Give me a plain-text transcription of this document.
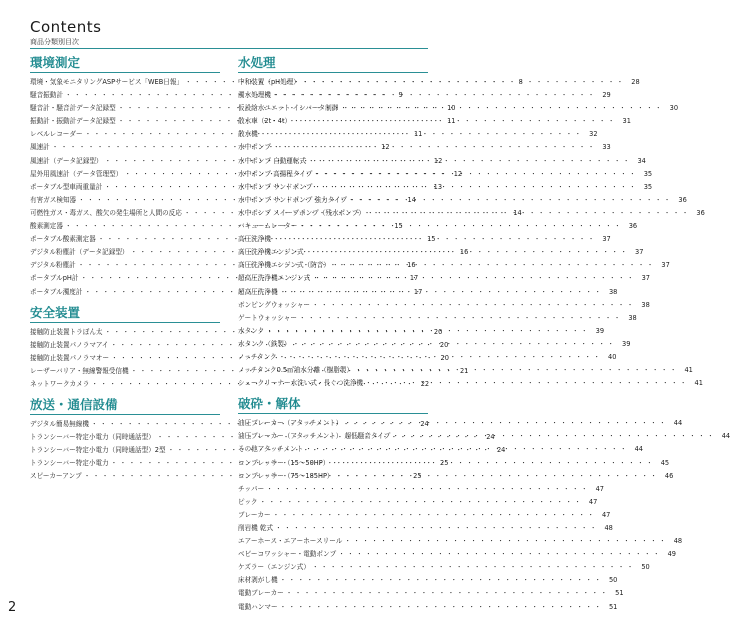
Contents
商品分類別目次
環境測定
環境・気象モニタリングASPサービス「WEB日報」 ・・・・・・・・・・・・・・・・・・・・・・・・・・・・・・・・・・・・	8
騒音振動計 ・・・・・・・・・・・・・・・・・・・・・・・・・・・・・・・・・・・・	9
騒音計・騒音計データ記録型 ・・・・・・・・・・・・・・・・・・・・・・・・・・・・・・・・・・・・	10
振動計・振動計データ記録型 ・・・・・・・・・・・・・・・・・・・・・・・・・・・・・・・・・・・・	11
レベルレコーダー ・・・・・・・・・・・・・・・・・・・・・・・・・・・・・・・・・・・・	11
風速計 ・・・・・・・・・・・・・・・・・・・・・・・・・・・・・・・・・・・・	12
風速計（データ記録型） ・・・・・・・・・・・・・・・・・・・・・・・・・・・・・・・・・・・・	12
屋外用風速計（データ管理型） ・・・・・・・・・・・・・・・・・・・・・・・・・・・・・・・・・・・・	12
ポータブル型車両重量計 ・・・・・・・・・・・・・・・・・・・・・・・・・・・・・・・・・・・・	13
有害ガス検知器 ・・・・・・・・・・・・・・・・・・・・・・・・・・・・・・・・・・・・	14
可燃性ガス・毒ガス、酸欠の発生場所と人間の反応 ・・・・・・・・・・・・・・・・・・・・・・・・・・・・・・・・・・・・	14
酸素測定器 ・・・・・・・・・・・・・・・・・・・・・・・・・・・・・・・・・・・・	15
ポータブル酸素測定器 ・・・・・・・・・・・・・・・・・・・・・・・・・・・・・・・・・・・・	15
デジタル粉塵計（データ記録型） ・・・・・・・・・・・・・・・・・・・・・・・・・・・・・・・・・・・・	16
デジタル粉塵計 ・・・・・・・・・・・・・・・・・・・・・・・・・・・・・・・・・・・・	16
ポータブルpH計 ・・・・・・・・・・・・・・・・・・・・・・・・・・・・・・・・・・・・	17
ポータブル濁度計 ・・・・・・・・・・・・・・・・・・・・・・・・・・・・・・・・・・・・	17
安全装置
接触防止装置トラぼん太 ・・・・・・・・・・・・・・・・・・・・・・・・・・・・・・・・・・・・	20
接触防止装置パノラマアイ ・・・・・・・・・・・・・・・・・・・・・・・・・・・・・・・・・・・・	20
接触防止装置パノラマオー ・・・・・・・・・・・・・・・・・・・・・・・・・・・・・・・・・・・・	20
レーザーバリア・無線警報受信機 ・・・・・・・・・・・・・・・・・・・・・・・・・・・・・・・・・・・・	21
ネットワークカメラ ・・・・・・・・・・・・・・・・・・・・・・・・・・・・・・・・・・・・	22
放送・通信設備
デジタル簡易無線機 ・・・・・・・・・・・・・・・・・・・・・・・・・・・・・・・・・・・・	24
トランシーバー特定小電力（同時通話型） ・・・・・・・・・・・・・・・・・・・・・・・・・・・・・・・・・・・・	24
トランシーバー特定小電力（同時通話型）2型 ・・・・・・・・・・・・・・・・・・・・・・・・・・・・・・・・・・・・	24
トランシーバー特定小電力 ・・・・・・・・・・・・・・・・・・・・・・・・・・・・・・・・・・・・	25
スピーカーアンプ ・・・・・・・・・・・・・・・・・・・・・・・・・・・・・・・・・・・・	25
水処理
中和装置（pH処理） ・・・・・・・・・・・・・・・・・・・・・・・・・・・・・・・・・・・・	28
濁水処理機 ・・・・・・・・・・・・・・・・・・・・・・・・・・・・・・・・・・・・	29
仮設給水ユニット インバータ制御 ・・・・・・・・・・・・・・・・・・・・・・・・・・・・・・・・・・・・	30
散水車（2t・4t） ・・・・・・・・・・・・・・・・・・・・・・・・・・・・・・・・・・・・	31
散水機 ・・・・・・・・・・・・・・・・・・・・・・・・・・・・・・・・・・・・	32
水中ポンプ ・・・・・・・・・・・・・・・・・・・・・・・・・・・・・・・・・・・・	33
水中ポンプ 自動運転式 ・・・・・・・・・・・・・・・・・・・・・・・・・・・・・・・・・・・・	34
水中ポンプ 高揚程タイプ ・・・・・・・・・・・・・・・・・・・・・・・・・・・・・・・・・・・・	35
水中ポンプ サンドポンプ ・・・・・・・・・・・・・・・・・・・・・・・・・・・・・・・・・・・・	35
水中ポンプ サンドポンプ 強力タイプ ・・・・・・・・・・・・・・・・・・・・・・・・・・・・・・・・・・・・	36
水中ポンプ スイーブポンプ（残水ポンプ） ・・・・・・・・・・・・・・・・・・・・・・・・・・・・・・・・・・・・	36
バキュームレーター ・・・・・・・・・・・・・・・・・・・・・・・・・・・・・・・・・・・・	36
高圧洗浄機 ・・・・・・・・・・・・・・・・・・・・・・・・・・・・・・・・・・・・	37
高圧洗浄機エンジン式 ・・・・・・・・・・・・・・・・・・・・・・・・・・・・・・・・・・・・	37
高圧洗浄機エンジン式（防音） ・・・・・・・・・・・・・・・・・・・・・・・・・・・・・・・・・・・・	37
超高圧洗浄機エンジン式 ・・・・・・・・・・・・・・・・・・・・・・・・・・・・・・・・・・・・	37
超高圧洗浄機 ・・・・・・・・・・・・・・・・・・・・・・・・・・・・・・・・・・・・	38
ボンピングウォッシャー ・・・・・・・・・・・・・・・・・・・・・・・・・・・・・・・・・・・・	38
ゲートウォッシャー ・・・・・・・・・・・・・・・・・・・・・・・・・・・・・・・・・・・・	38
水タンク ・・・・・・・・・・・・・・・・・・・・・・・・・・・・・・・・・・・・	39
水タンク（鉄製） ・・・・・・・・・・・・・・・・・・・・・・・・・・・・・・・・・・・・	39
ノッチタンク ・・・・・・・・・・・・・・・・・・・・・・・・・・・・・・・・・・・・	40
ノッチタンク0.5㎥油水分離（樹脂製） ・・・・・・・・・・・・・・・・・・・・・・・・・・・・・・・・・・・・	41
シュークリーナー水洗い式・長ぐつ洗浄機 ・・・・・・・・・・・・・・・・・・・・・・・・・・・・・・・・・・・・	41
破砕・解体
油圧ブレーカー（アタッチメント） ・・・・・・・・・・・・・・・・・・・・・・・・・・・・・・・・・・・・	44
油圧ブレーカー（アタッチメント） 超低騒音タイプ ・・・・・・・・・・・・・・・・・・・・・・・・・・・・・・・・・・・・	44
その他アタッチメント ・・・・・・・・・・・・・・・・・・・・・・・・・・・・・・・・・・・・	44
コンプレッサー（15～50HP） ・・・・・・・・・・・・・・・・・・・・・・・・・・・・・・・・・・・・	45
コンプレッサー（75～185HP） ・・・・・・・・・・・・・・・・・・・・・・・・・・・・・・・・・・・・	46
チッパー ・・・・・・・・・・・・・・・・・・・・・・・・・・・・・・・・・・・・	47
ピック ・・・・・・・・・・・・・・・・・・・・・・・・・・・・・・・・・・・・	47
ブレーカー ・・・・・・・・・・・・・・・・・・・・・・・・・・・・・・・・・・・・	47
削岩機 乾式 ・・・・・・・・・・・・・・・・・・・・・・・・・・・・・・・・・・・・	48
エアーホース・エアーホースリール ・・・・・・・・・・・・・・・・・・・・・・・・・・・・・・・・・・・・	48
ベビーコワッシャー・電動ポンプ ・・・・・・・・・・・・・・・・・・・・・・・・・・・・・・・・・・・・	49
ケズラー（エンジン式） ・・・・・・・・・・・・・・・・・・・・・・・・・・・・・・・・・・・・	50
床材剥がし機 ・・・・・・・・・・・・・・・・・・・・・・・・・・・・・・・・・・・・	50
電動ブレーカー ・・・・・・・・・・・・・・・・・・・・・・・・・・・・・・・・・・・・	51
電動ハンマー ・・・・・・・・・・・・・・・・・・・・・・・・・・・・・・・・・・・・	51
2
